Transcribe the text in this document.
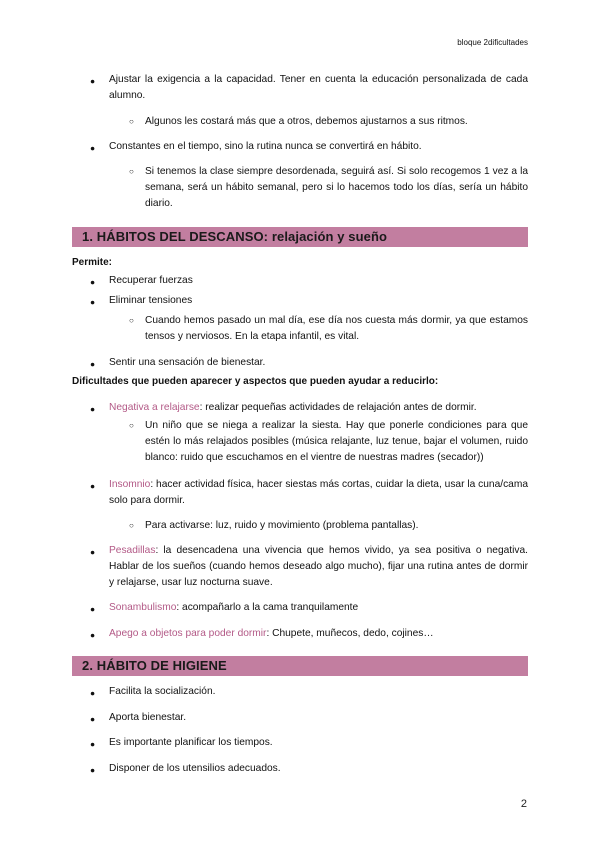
bloque 2dificultades
● Ajustar la exigencia a la capacidad. Tener en cuenta la educación personalizada de cada alumno.
○ Algunos les costará más que a otros, debemos ajustarnos a sus ritmos.
● Constantes en el tiempo, sino la rutina nunca se convertirá en hábito.
○ Si tenemos la clase siempre desordenada, seguirá así. Si solo recogemos 1 vez a la semana, será un hábito semanal, pero si lo hacemos todo los días, sería un hábito diario.
1. HÁBITOS DEL DESCANSO: relajación y sueño
Permite:
● Recuperar fuerzas
● Eliminar tensiones
○ Cuando hemos pasado un mal día, ese día nos cuesta más dormir, ya que estamos tensos y nerviosos. En la etapa infantil, es vital.
● Sentir una sensación de bienestar.
Dificultades que pueden aparecer y aspectos que pueden ayudar a reducirlo:
● Negativa a relajarse: realizar pequeñas actividades de relajación antes de dormir.
○ Un niño que se niega a realizar la siesta. Hay que ponerle condiciones para que estén lo más relajados posibles (música relajante, luz tenue, bajar el volumen, ruido blanco: ruido que escuchamos en el vientre de nuestras madres (secador))
● Insomnio: hacer actividad física, hacer siestas más cortas, cuidar la dieta, usar la cuna/cama solo para dormir.
○ Para activarse: luz, ruido y movimiento (problema pantallas).
● Pesadillas: la desencadena una vivencia que hemos vivido, ya sea positiva o negativa. Hablar de los sueños (cuando hemos deseado algo mucho), fijar una rutina antes de dormir y relajarse, usar luz nocturna suave.
● Sonambulismo: acompañarlo a la cama tranquilamente
● Apego a objetos para poder dormir: Chupete, muñecos, dedo, cojines…
2. HÁBITO DE HIGIENE
● Facilita la socialización.
● Aporta bienestar.
● Es importante planificar los tiempos.
● Disponer de los utensilios adecuados.
2
